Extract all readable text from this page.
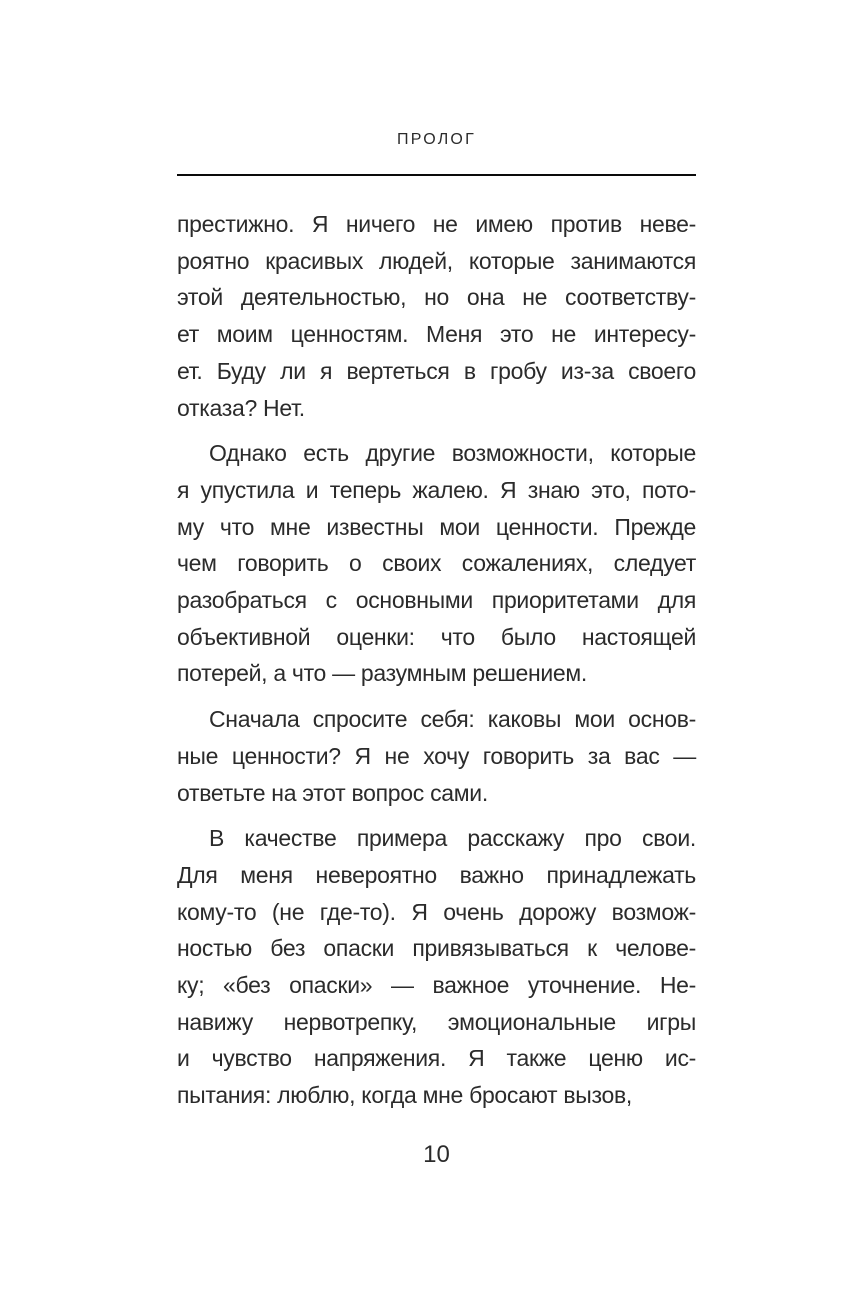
ПРОЛОГ
престижно. Я ничего не имею против неве-
роятно красивых людей, которые занимаются
этой деятельностью, но она не соответству-
ет моим ценностям. Меня это не интересу-
ет. Буду ли я вертеться в гробу из-за своего
отказа? Нет.
Однако есть другие возможности, которые
я упустила и теперь жалею. Я знаю это, пото-
му что мне известны мои ценности. Прежде
чем говорить о своих сожалениях, следует
разобраться с основными приоритетами для
объективной оценки: что было настоящей
потерей, а что — разумным решением.
Сначала спросите себя: каковы мои основ-
ные ценности? Я не хочу говорить за вас —
ответьте на этот вопрос сами.
В качестве примера расскажу про свои.
Для меня невероятно важно принадлежать
кому-то (не где-то). Я очень дорожу возмож-
ностью без опаски привязываться к челове-
ку; «без опаски» — важное уточнение. Не-
навижу нервотрепку, эмоциональные игры
и чувство напряжения. Я также ценю ис-
пытания: люблю, когда мне бросают вызов,
10
